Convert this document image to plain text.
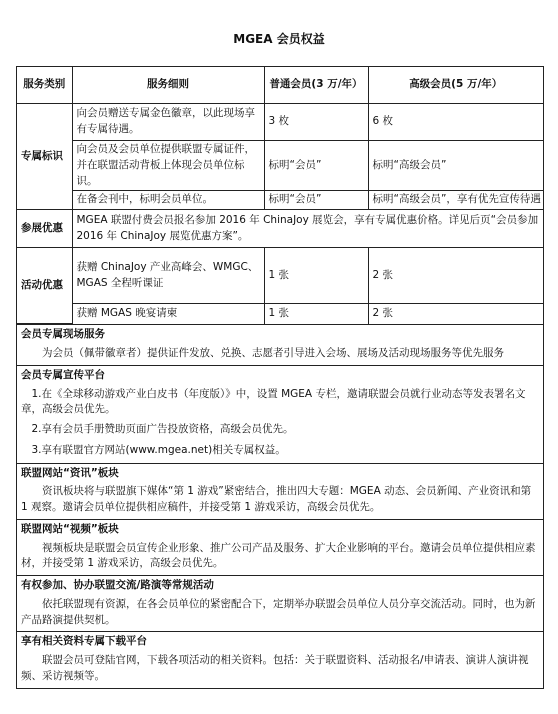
MGEA 会员权益
服务类别	服务细则	普通会员(3 万/年）	高级会员(5 万/年）
专属标识	向会员赠送专属金色徽章，以此现场享有专属待遇。	3 枚	6 枚
	向会员及会员单位提供联盟专属证件，并在联盟活动背板上体现会员单位标识。	标明“会员”	标明“高级会员”
	在备会刊中，标明会员单位。	标明“会员”	标明“高级会员”，享有优先宣传待遇
参展优惠	MGEA 联盟付费会员报名参加 2016 年 ChinaJoy 展览会，享有专属优惠价格。详见后页“会员参加 2016 年 ChinaJoy 展览优惠方案”。		
活动优惠	获赠 ChinaJoy 产业高峰会、WMGC、MGAS 全程听课证	1 张	2 张
	获赠 MGAS 晚宴请柬	1 张	2 张
会员专属现场服务
为会员（佩带徽章者）提供证件发放、兑换、志愿者引导进入会场、展场及活动现场服务等优先服务
会员专属宣传平台
1.在《全球移动游戏产业白皮书（年度版）》中，设置 MGEA 专栏，邀请联盟会员就行业动态等发表署名文章，高级会员优先。
2.享有会员手册赞助页面广告投放资格，高级会员优先。
3.享有联盟官方网站(www.mgea.net)相关专属权益。
联盟网站“资讯”板块
资讯板块将与联盟旗下媒体“第 1 游戏”紧密结合，推出四大专题：MGEA 动态、会员新闻、产业资讯和第 1 观察。邀请会员单位提供相应稿件，并接受第 1 游戏采访，高级会员优先。
联盟网站“视频”板块
视频板块是联盟会员宣传企业形象、推广公司产品及服务、扩大企业影响的平台。邀请会员单位提供相应素材，并接受第 1 游戏采访，高级会员优先。
有权参加、协办联盟交流/路演等常规活动
依托联盟现有资源，在各会员单位的紧密配合下，定期举办联盟会员单位人员分享交流活动。同时，也为新产品路演提供契机。
享有相关资料专属下载平台
联盟会员可登陆官网，下载各项活动的相关资料。包括：关于联盟资料、活动报名/申请表、演讲人演讲视频、采访视频等。
